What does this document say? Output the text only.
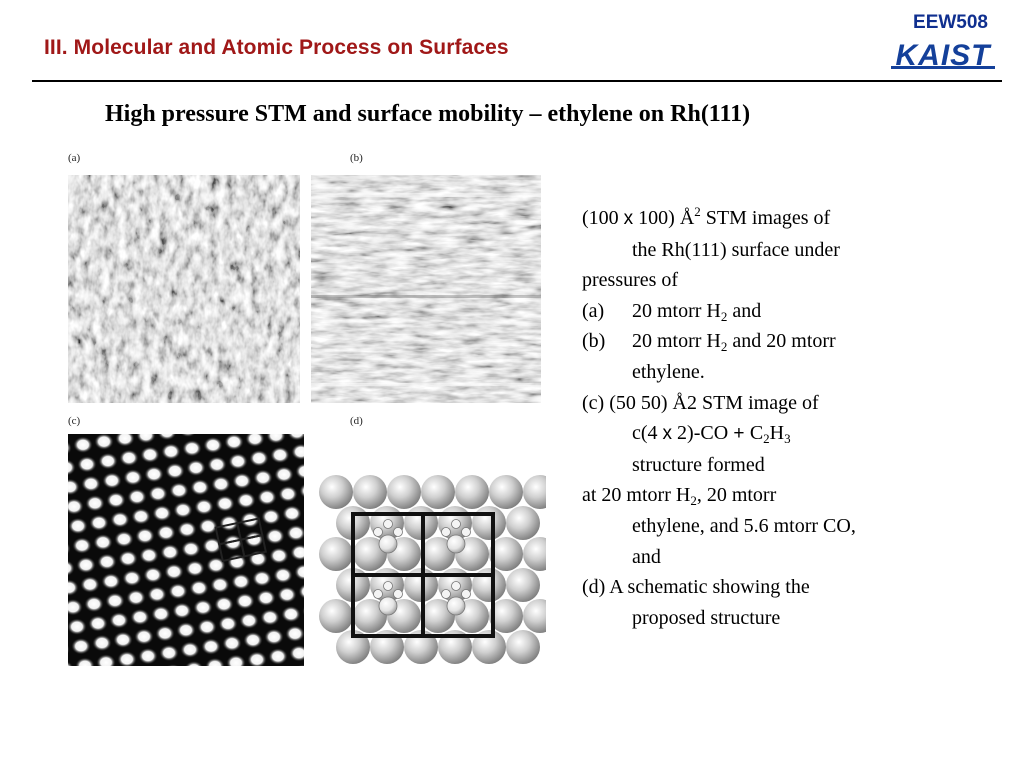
III. Molecular and Atomic Process on Surfaces
EEW508
KAIST
High pressure STM and surface mobility – ethylene on Rh(111)
(a)	(b)
(c)	(d)
(100 x 100) $Å^2$ STM images of
the Rh(111) surface under
pressures of
(a) 20 mtorr $H_2$ and
(b) 20 mtorr $H_2$ and 20 mtorr
ethylene.
(c) (50 50) Å2 STM image of
c(4 x $2)-CO + C_2H_3$
structure formed
at 20 mtorr $H_2$, 20 mtorr
ethylene, and 5.6 mtorr CO,
and
(d) A schematic showing the
proposed structure
